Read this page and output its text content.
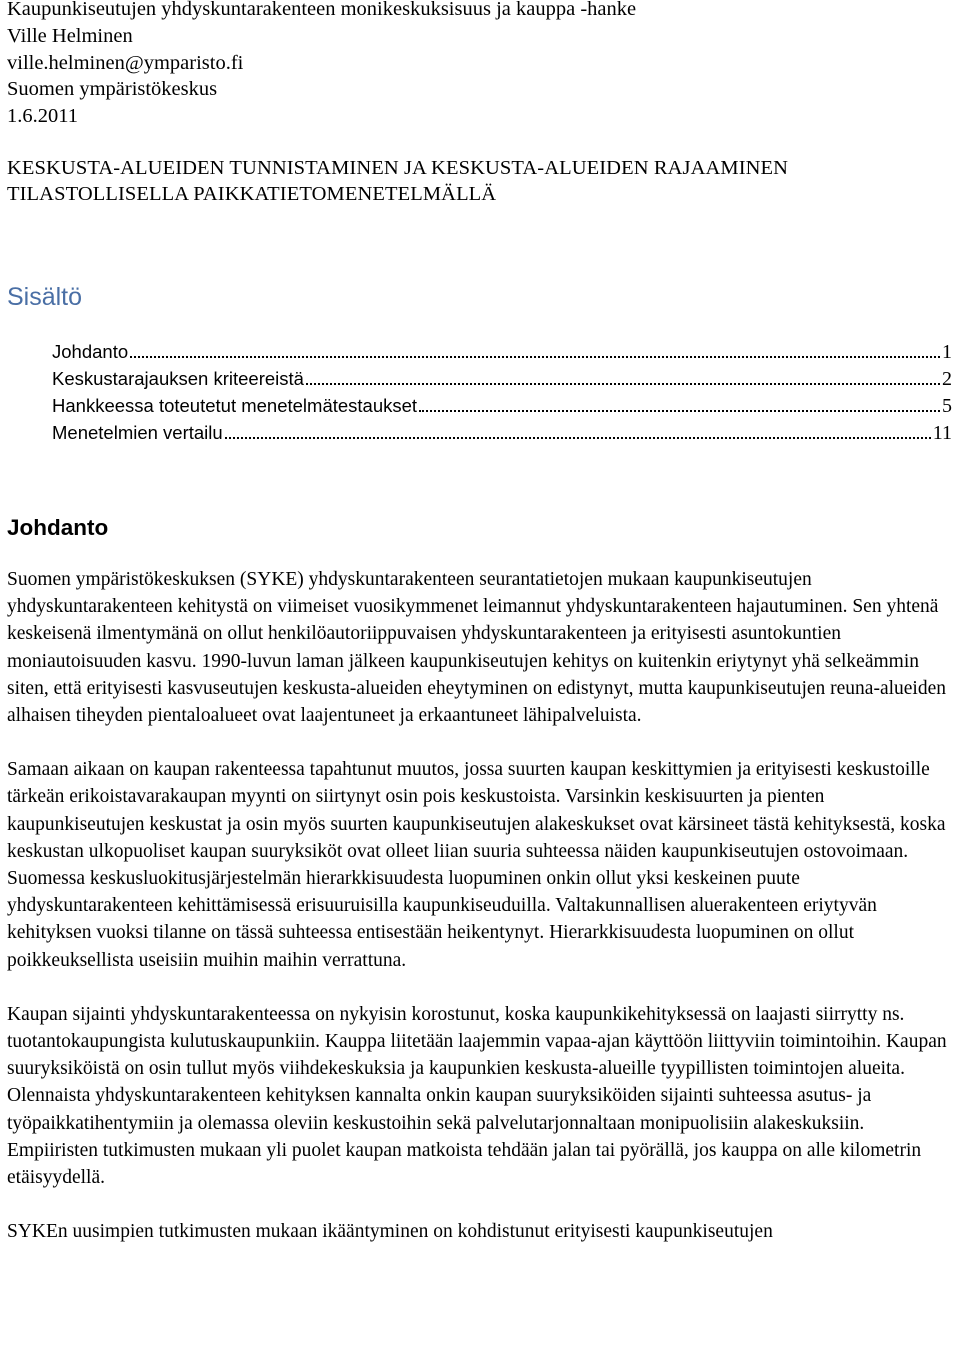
Kaupunkiseutujen yhdyskuntarakenteen monikeskuksisuus ja kauppa -hanke
Ville Helminen
ville.helminen@ymparisto.fi
Suomen ympäristökeskus
1.6.2011
KESKUSTA-ALUEIDEN TUNNISTAMINEN JA KESKUSTA-ALUEIDEN RAJAAMINEN
TILASTOLLISELLA PAIKKATIETOMENETELMÄLLÄ
Sisältö
Johdanto	1
Keskustarajauksen kriteereistä	2
Hankkeessa toteutetut menetelmätestaukset	5
Menetelmien vertailu	11
Johdanto

Suomen ympäristökeskuksen (SYKE) yhdyskuntarakenteen seurantatietojen mukaan kaupunkiseutujen yhdyskuntarakenteen kehitystä on viimeiset vuosikymmenet leimannut yhdyskuntarakenteen hajautuminen. Sen yhtenä keskeisenä ilmentymänä on ollut henkilöautoriippuvaisen yhdyskuntarakenteen ja erityisesti asuntokuntien moniautoisuuden kasvu. 1990-luvun laman jälkeen kaupunkiseutujen kehitys on kuitenkin eriytynyt yhä selkeämmin siten, että erityisesti kasvuseutujen keskusta-alueiden eheytyminen on edistynyt, mutta kaupunkiseutujen reuna-alueiden alhaisen tiheyden pientaloalueet ovat laajentuneet ja erkaantuneet lähipalveluista.

Samaan aikaan on kaupan rakenteessa tapahtunut muutos, jossa suurten kaupan keskittymien ja erityisesti keskustoille tärkeän erikoistavarakaupan myynti on siirtynyt osin pois keskustoista. Varsinkin keskisuurten ja pienten kaupunkiseutujen keskustat ja osin myös suurten kaupunkiseutujen alakeskukset ovat kärsineet tästä kehityksestä, koska keskustan ulkopuoliset kaupan suuryksiköt ovat olleet liian suuria suhteessa näiden kaupunkiseutujen ostovoimaan. Suomessa keskusluokitusjärjestelmän hierarkkisuudesta luopuminen onkin ollut yksi keskeinen puute yhdyskuntarakenteen kehittämisessä erisuuruisilla kaupunkiseuduilla. Valtakunnallisen aluerakenteen eriytyvän kehityksen vuoksi tilanne on tässä suhteessa entisestään heikentynyt. Hierarkkisuudesta luopuminen on ollut poikkeuksellista useisiin muihin maihin verrattuna.

Kaupan sijainti yhdyskuntarakenteessa on nykyisin korostunut, koska kaupunkikehityksessä on laajasti siirrytty ns. tuotantokaupungista kulutuskaupunkiin. Kauppa liitetään laajemmin vapaa-ajan käyttöön liittyviin toimintoihin. Kaupan suuryksiköistä on osin tullut myös viihdekeskuksia ja kaupunkien keskusta-alueille tyypillisten toimintojen alueita. Olennaista yhdyskuntarakenteen kehityksen kannalta onkin kaupan suuryksiköiden sijainti suhteessa asutus- ja työpaikkatihentymiin ja olemassa oleviin keskustoihin sekä palvelutarjonnaltaan monipuolisiin alakeskuksiin. Empiiristen tutkimusten mukaan yli puolet kaupan matkoista tehdään jalan tai pyörällä, jos kauppa on alle kilometrin etäisyydellä.

SYKEn uusimpien tutkimusten mukaan ikääntyminen on kohdistunut erityisesti kaupunkiseutujen
